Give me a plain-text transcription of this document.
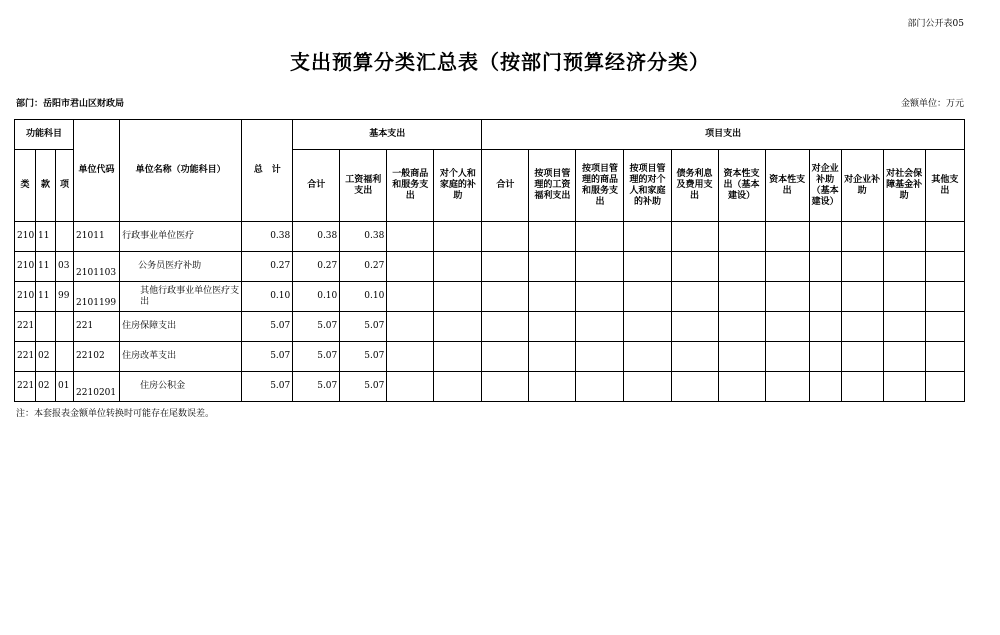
部门公开表05
支出预算分类汇总表（按部门预算经济分类）
部门：岳阳市君山区财政局	金额单位：万元
功能科目			单位代码	单位名称（功能科目）	总　计	基本支出				项目支出										
类	款	项				合计	工资福利支出	一般商品和服务支出	对个人和家庭的补助	合计	按项目管理的工资福利支出	按项目管理的商品和服务支出	按项目管理的对个人和家庭的补助	债务利息及费用支出	资本性支出（基本建设）	资本性支出	对企业补助（基本建设）	对企业补助	对社会保障基金补助	其他支出
210	11		21011	行政事业单位医疗	0.38	0.38	0.38													
210	11	03	2101103	公务员医疗补助	0.27	0.27	0.27													
210	11	99	2101199	其他行政事业单位医疗支出	0.10	0.10	0.10													
221			221	住房保障支出	5.07	5.07	5.07													
221	02		22102	住房改革支出	5.07	5.07	5.07													
221	02	01	2210201	住房公积金	5.07	5.07	5.07													
注：本套报表金额单位转换时可能存在尾数误差。
